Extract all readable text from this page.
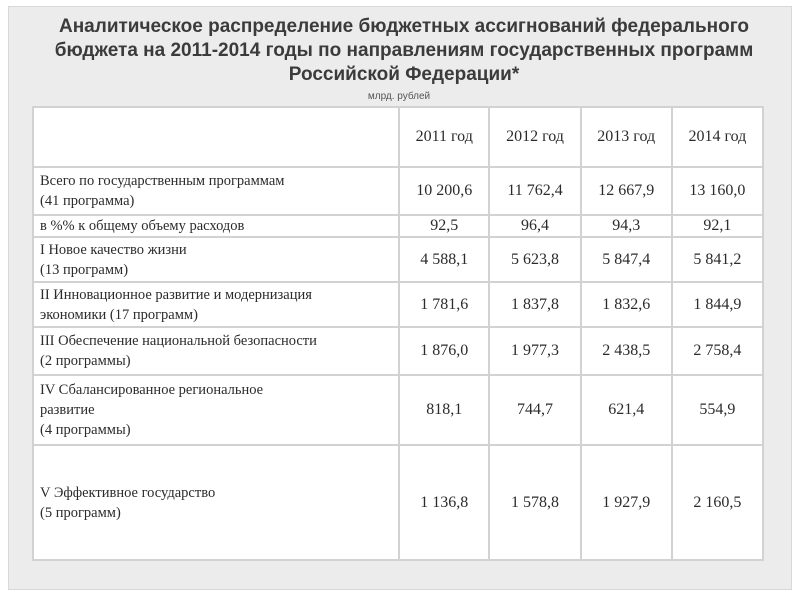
Аналитическое распределение бюджетных ассигнований федерального
бюджета на 2011-2014 годы по направлениям государственных программ
Российской Федерации*
млрд. рублей
	2011 год	2012 год	2013 год	2014 год

Всего по государственным программам
(41 программа)	10 200,6	11 762,4	12 667,9	13 160,0

в %% к общему объему расходов	92,5	96,4	94,3	92,1

I Новое качество жизни
(13 программ)	4 588,1	5 623,8	5 847,4	5 841,2

II Инновационное развитие и модернизация
экономики (17 программ)	1 781,6	1 837,8	1 832,6	1 844,9

III Обеспечение национальной безопасности
(2 программы)	1 876,0	1 977,3	2 438,5	2 758,4

IV Сбалансированное региональное
развитие
(4 программы)	818,1	744,7	621,4	554,9

V Эффективное государство
(5 программ)	1 136,8	1 578,8	1 927,9	2 160,5
